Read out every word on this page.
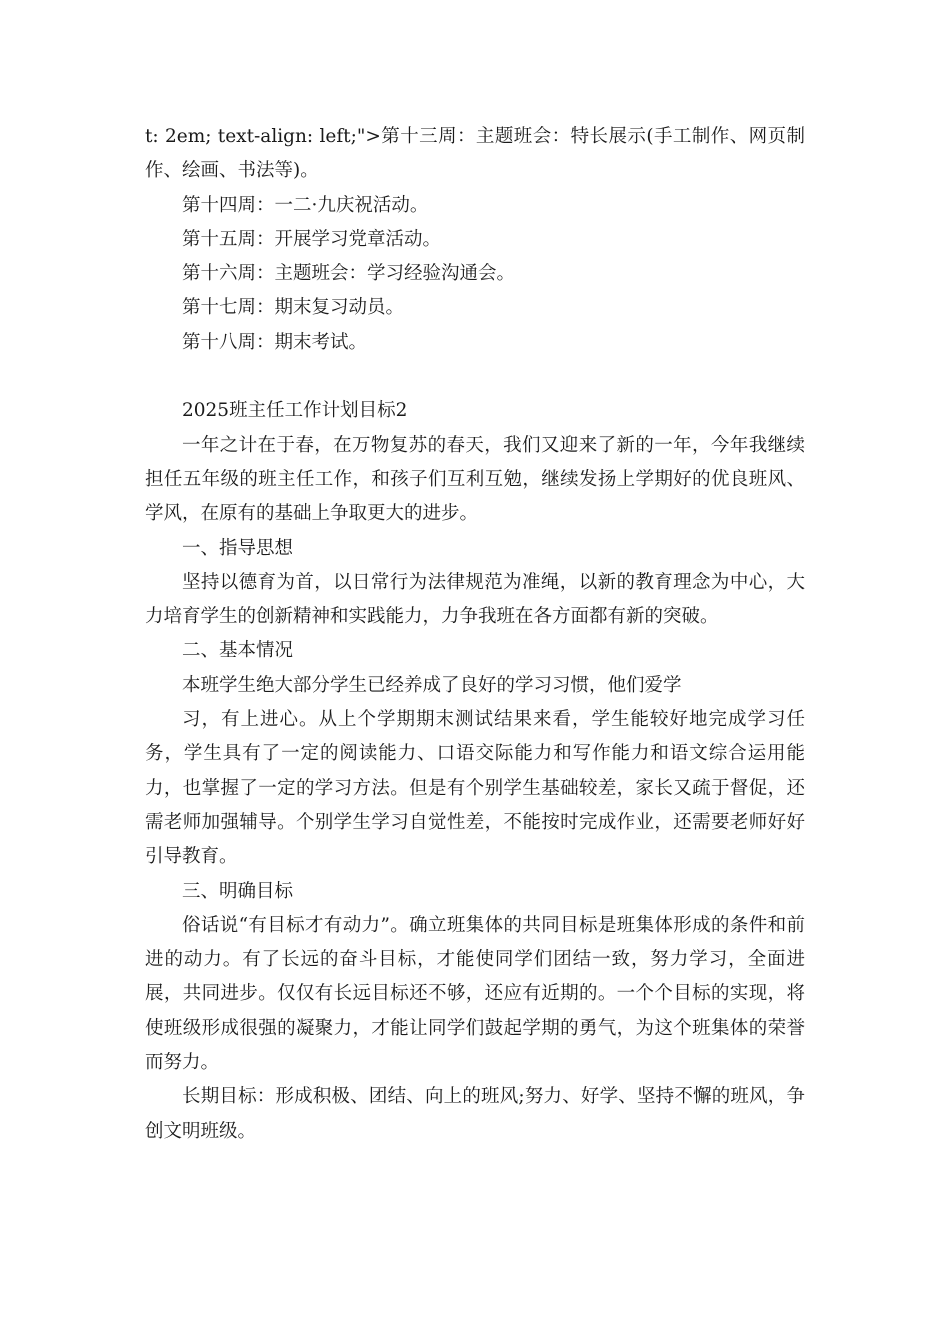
t: 2em; text-align: left;">第十三周：主题班会：特长展示(手工制作、网页制作、绘画、书法等)。

第十四周：一二·九庆祝活动。

第十五周：开展学习党章活动。

第十六周：主题班会：学习经验沟通会。

第十七周：期末复习动员。

第十八周：期末考试。

2025班主任工作计划目标2

一年之计在于春，在万物复苏的春天，我们又迎来了新的一年，今年我继续担任五年级的班主任工作，和孩子们互利互勉，继续发扬上学期好的优良班风、学风，在原有的基础上争取更大的进步。

一、指导思想

坚持以德育为首，以日常行为法律规范为准绳，以新的教育理念为中心，大力培育学生的创新精神和实践能力，力争我班在各方面都有新的突破。

二、基本情况

本班学生绝大部分学生已经养成了良好的学习习惯，他们爱学

习，有上进心。从上个学期期末测试结果来看，学生能较好地完成学习任务，学生具有了一定的阅读能力、口语交际能力和写作能力和语文综合运用能力，也掌握了一定的学习方法。但是有个别学生基础较差，家长又疏于督促，还需老师加强辅导。个别学生学习自觉性差，不能按时完成作业，还需要老师好好引导教育。

三、明确目标

俗话说“有目标才有动力”。确立班集体的共同目标是班集体形成的条件和前进的动力。有了长远的奋斗目标，才能使同学们团结一致，努力学习，全面进展，共同进步。仅仅有长远目标还不够，还应有近期的。一个个目标的实现，将使班级形成很强的凝聚力，才能让同学们鼓起学期的勇气，为这个班集体的荣誉而努力。

长期目标：形成积极、团结、向上的班风;努力、好学、坚持不懈的班风，争创文明班级。
